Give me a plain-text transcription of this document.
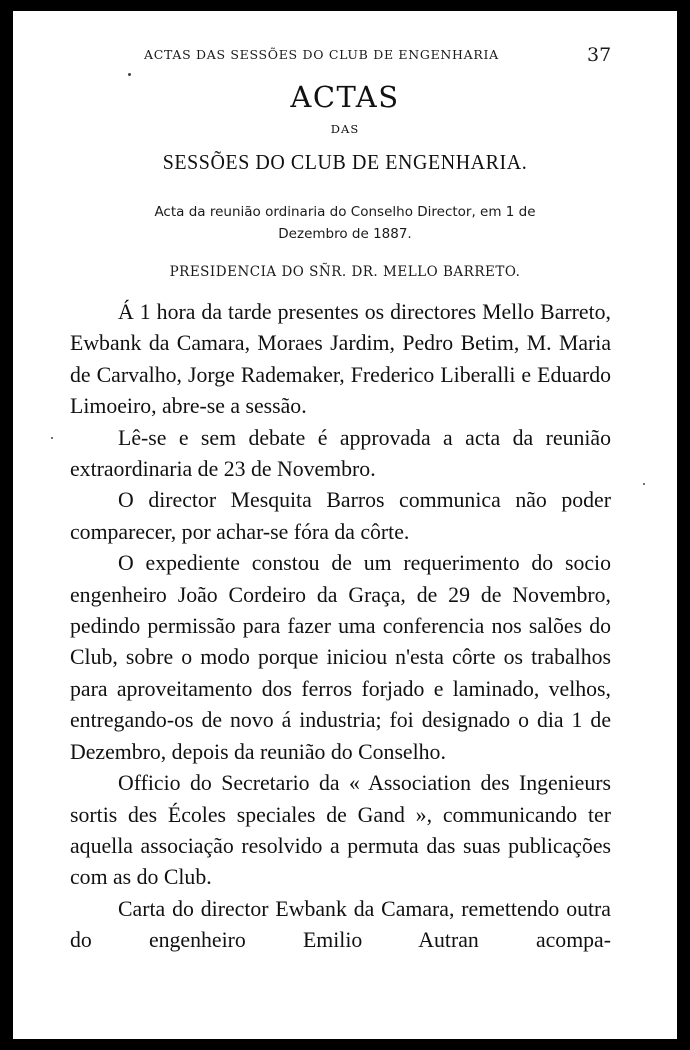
ACTAS DAS SESSÕES DO CLUB DE ENGENHARIA	37
ACTAS
DAS
SESSÕES DO CLUB DE ENGENHARIA.
Acta da reunião ordinaria do Conselho Director, em 1 de
Dezembro de 1887.
PRESIDENCIA DO SÑR. DR. MELLO BARRETO.

Á 1 hora da tarde presentes os directores Mello Barreto, Ewbank da Camara, Moraes Jardim, Pedro Betim, M. Maria de Carvalho, Jorge Rademaker, Frederico Liberalli e Eduardo Limoeiro, abre-se a sessão.

Lê-se e sem debate é approvada a acta da reunião extraordinaria de 23 de Novembro.

O director Mesquita Barros communica não poder comparecer, por achar-se fóra da côrte.

O expediente constou de um requerimento do socio engenheiro João Cordeiro da Graça, de 29 de Novembro, pedindo permissão para fazer uma conferencia nos salões do Club, sobre o modo porque iniciou n'esta côrte os trabalhos para aproveitamento dos ferros forjado e laminado, velhos, entregando-os de novo á industria; foi designado o dia 1 de Dezembro, depois da reunião do Conselho.

Officio do Secretario da « Association des Ingenieurs sortis des Écoles speciales de Gand », communicando ter aquella associação resolvido a permuta das suas publicações com as do Club.

Carta do director Ewbank da Camara, remettendo outra do engenheiro Emilio Autran acompa-
